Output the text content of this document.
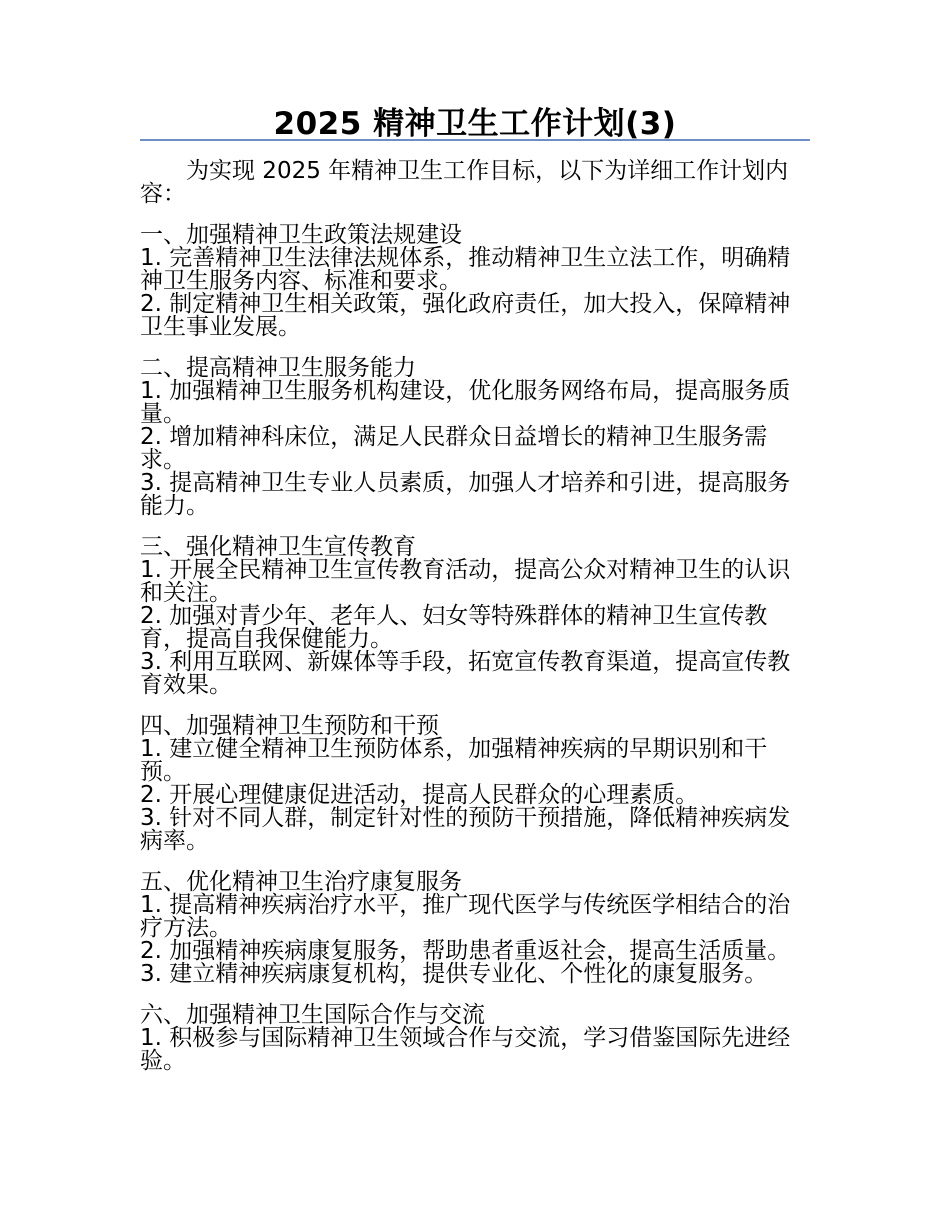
2025 精神卫生工作计划(3)

为实现 2025 年精神卫生工作目标，以下为详细工作计划内容：

一、加强精神卫生政策法规建设

1. 完善精神卫生法律法规体系，推动精神卫生立法工作，明确精神卫生服务内容、标准和要求。

2. 制定精神卫生相关政策，强化政府责任，加大投入，保障精神卫生事业发展。

二、提高精神卫生服务能力

1. 加强精神卫生服务机构建设，优化服务网络布局，提高服务质量。

2. 增加精神科床位，满足人民群众日益增长的精神卫生服务需求。

3. 提高精神卫生专业人员素质，加强人才培养和引进，提高服务能力。

三、强化精神卫生宣传教育

1. 开展全民精神卫生宣传教育活动，提高公众对精神卫生的认识和关注。

2. 加强对青少年、老年人、妇女等特殊群体的精神卫生宣传教育，提高自我保健能力。

3. 利用互联网、新媒体等手段，拓宽宣传教育渠道，提高宣传教育效果。

四、加强精神卫生预防和干预

1. 建立健全精神卫生预防体系，加强精神疾病的早期识别和干预。

2. 开展心理健康促进活动，提高人民群众的心理素质。

3. 针对不同人群，制定针对性的预防干预措施，降低精神疾病发病率。

五、优化精神卫生治疗康复服务

1. 提高精神疾病治疗水平，推广现代医学与传统医学相结合的治疗方法。

2. 加强精神疾病康复服务，帮助患者重返社会，提高生活质量。

3. 建立精神疾病康复机构，提供专业化、个性化的康复服务。

六、加强精神卫生国际合作与交流

1. 积极参与国际精神卫生领域合作与交流，学习借鉴国际先进经验。
